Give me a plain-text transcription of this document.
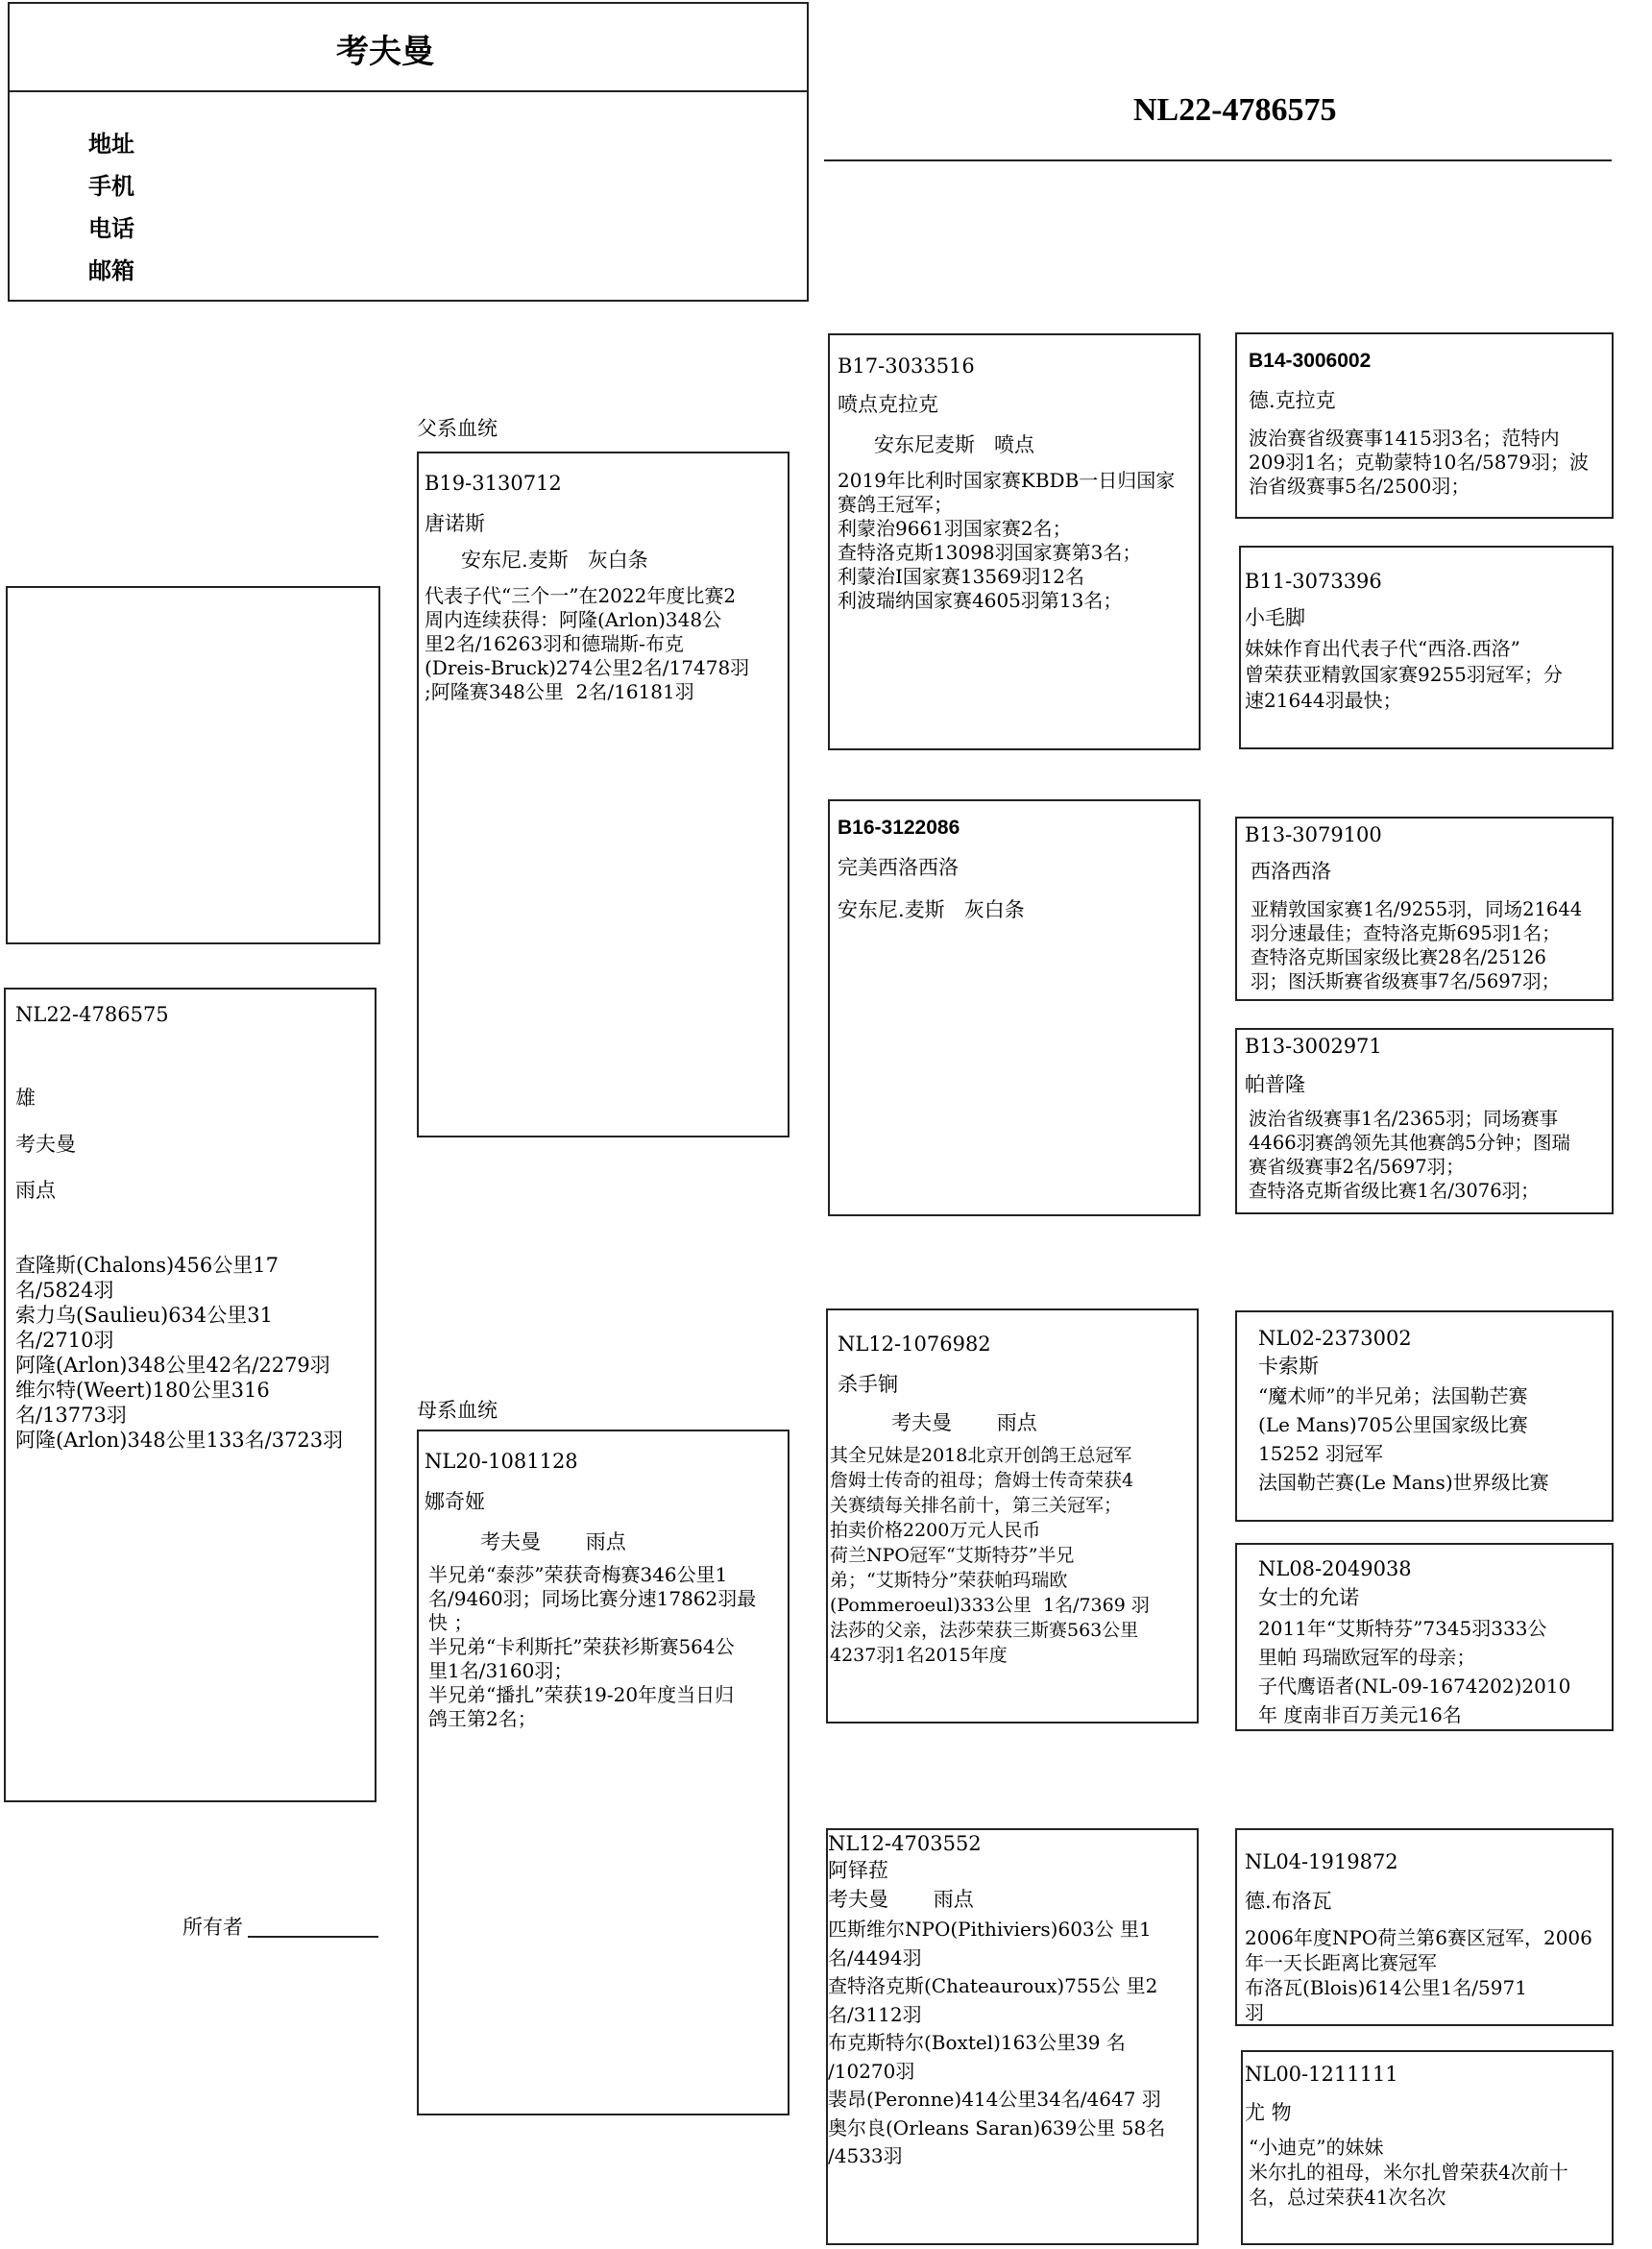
考夫曼
地址
手机
电话
邮箱
NL22-4786575
NL22-4786575
雄
考夫曼
雨点
查隆斯(Chalons)456公里17
名/5824羽
索力乌(Saulieu)634公里31
名/2710羽
阿隆(Arlon)348公里42名/2279羽
维尔特(Weert)180公里316
名/13773羽
阿隆(Arlon)348公里133名/3723羽
所有者
父系血统
母系血统
B19-3130712
唐诺斯
安东尼.麦斯   灰白条
代表子代“三个一”在2022年度比赛2
周内连续获得：阿隆(Arlon)348公
里2名/16263羽和德瑞斯-布克
(Dreis-Bruck)274公里2名/17478羽
;阿隆赛348公里  2名/16181羽
NL20-1081128
娜奇娅
考夫曼       雨点
半兄弟“泰莎”荣获奇梅赛346公里1
名/9460羽；同场比赛分速17862羽最
快 ；
半兄弟“卡利斯托”荣获衫斯赛564公
里1名/3160羽；
半兄弟“播扎”荣获19-20年度当日归
鸽王第2名；
B17-3033516
喷点克拉克
安东尼麦斯   喷点
2019年比利时国家赛KBDB一日归国家
赛鸽王冠军；
利蒙治9661羽国家赛2名；
查特洛克斯13098羽国家赛第3名；
利蒙治I国家赛13569羽12名
利波瑞纳国家赛4605羽第13名；
B16-3122086
完美西洛西洛
安东尼.麦斯   灰白条
NL12-1076982
杀手锏
考夫曼       雨点
其全兄妹是2018北京开创鸽王总冠军
詹姆士传奇的祖母；詹姆士传奇荣获4
关赛绩每关排名前十，第三关冠军；
拍卖价格2200万元人民币
荷兰NPO冠军“艾斯特芬”半兄
弟；“艾斯特分”荣获帕玛瑞欧
(Pommeroeul)333公里  1名/7369 羽
法莎的父亲，法莎荣获三斯赛563公里
4237羽1名2015年度
NL12-4703552
阿铎菈
考夫曼       雨点
匹斯维尔NPO(Pithiviers)603公 里1
名/4494羽
查特洛克斯(Chateauroux)755公 里2
名/3112羽
布克斯特尔(Boxtel)163公里39 名
/10270羽
裴昂(Peronne)414公里34名/4647 羽
奥尔良(Orleans Saran)639公里 58名
/4533羽
B14-3006002
德.克拉克
波治赛省级赛事1415羽3名；范特内
209羽1名；克勒蒙特10名/5879羽；波
治省级赛事5名/2500羽；
B11-3073396
小毛脚
妹妹作育出代表子代“西洛.西洛”
曾荣获亚精敦国家赛9255羽冠军；分
速21644羽最快；
B13-3079100
西洛西洛
亚精敦国家赛1名/9255羽，同场21644
羽分速最佳；查特洛克斯695羽1名；
查特洛克斯国家级比赛28名/25126
羽；图沃斯赛省级赛事7名/5697羽；
B13-3002971
帕普隆
波治省级赛事1名/2365羽；同场赛事
4466羽赛鸽领先其他赛鸽5分钟；图瑞
赛省级赛事2名/5697羽；
查特洛克斯省级比赛1名/3076羽；
NL02-2373002
卡索斯
“魔术师”的半兄弟；法国勒芒赛
(Le Mans)705公里国家级比赛
15252 羽冠军
法国勒芒赛(Le Mans)世界级比赛
NL08-2049038
女士的允诺
2011年“艾斯特芬”7345羽333公
里帕 玛瑞欧冠军的母亲；
子代鹰语者(NL-09-1674202)2010
年 度南非百万美元16名
NL04-1919872
德.布洛瓦
2006年度NPO荷兰第6赛区冠军，2006
年一天长距离比赛冠军
布洛瓦(Blois)614公里1名/5971
羽
NL00-1211111
尤 物
“小迪克”的妹妹
米尔扎的祖母，米尔扎曾荣获4次前十
名，总过荣获41次名次
